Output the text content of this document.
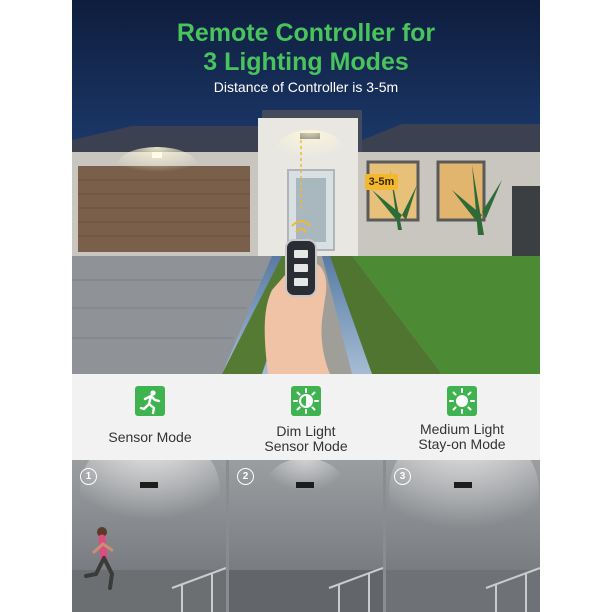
Remote Controller for
3 Lighting Modes
Distance of Controller is 3-5m
3-5m
Sensor Mode	Dim Light
Sensor Mode
Medium Light
Stay-on Mode
1	2	3
